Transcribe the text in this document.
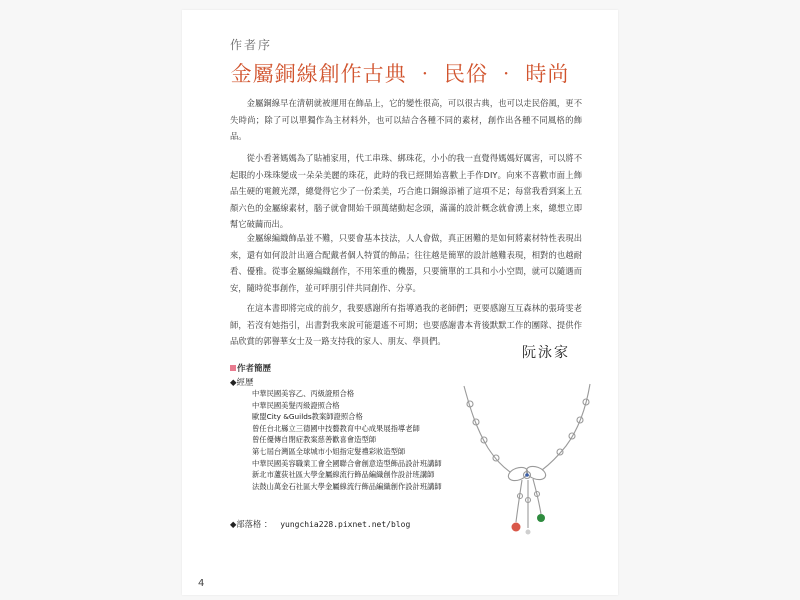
作者序
金屬銅線創作古典 ‧ 民俗 ‧ 時尚

金屬銅線早在清朝就被運用在飾品上，它的變性很高，可以很古典，也可以走民俗風，更不失時尚；除了可以單獨作為主材料外，也可以結合各種不同的素材，創作出各種不同風格的飾品。

從小看著媽媽為了貼補家用，代工串珠、綁珠花，小小的我一直覺得媽媽好厲害，可以將不起眼的小珠珠變成一朵朵美麗的珠花，此時的我已經開始喜歡上手作DIY。向來不喜歡市面上飾品生硬的電鍍光澤，總覺得它少了一份柔美，巧合進口銅線添補了這項不足；每當我看到案上五顏六色的金屬線素材，腦子就會開始千頭萬緒動起念頭，滿滿的設計概念就會湧上來，總想立即幫它破繭而出。

金屬線編織飾品並不難，只要會基本技法，人人會做，真正困難的是如何將素材特性表現出來，還有如何設計出適合配戴者個人特質的飾品；往往越是簡單的設計越難表現，相對的也越耐看、優雅。從事金屬線編織創作，不用笨重的機器，只要簡單的工具和小小空間，就可以隨遇而安，隨時從事創作，並可呼朋引伴共同創作、分享。

在這本書即將完成的前夕，我要感謝所有指導過我的老師們；更要感謝互互森林的張琦雯老師，若沒有她指引，出書對我來說可能還遙不可期；也要感謝書本背後默默工作的團隊、提供作品欣賞的郭譽華女士及一路支持我的家人、朋友、學員們。

阮泳家
作者簡歷
◆經歷
中華民國美容乙、丙級證照合格
中華民國美髮丙級證照合格
歐盟City &Guilds教案師證照合格
曾任台北縣立三德國中技藝教育中心成果展指導老師
曾任優傳自閉症教案慈善歡喜會造型師
第七屆台灣區全球城市小姐指定髮禮彩妝造型師
中華民國美容職業工會全國聯合會創意造型飾品設計班講師
新北市蘆荻社區大學金屬線流行飾品編織創作設計班講師
法鼓山萬金石社區大學金屬線流行飾品編織創作設計班講師
◆部落格 ： yungchia228.pixnet.net/blog
4
